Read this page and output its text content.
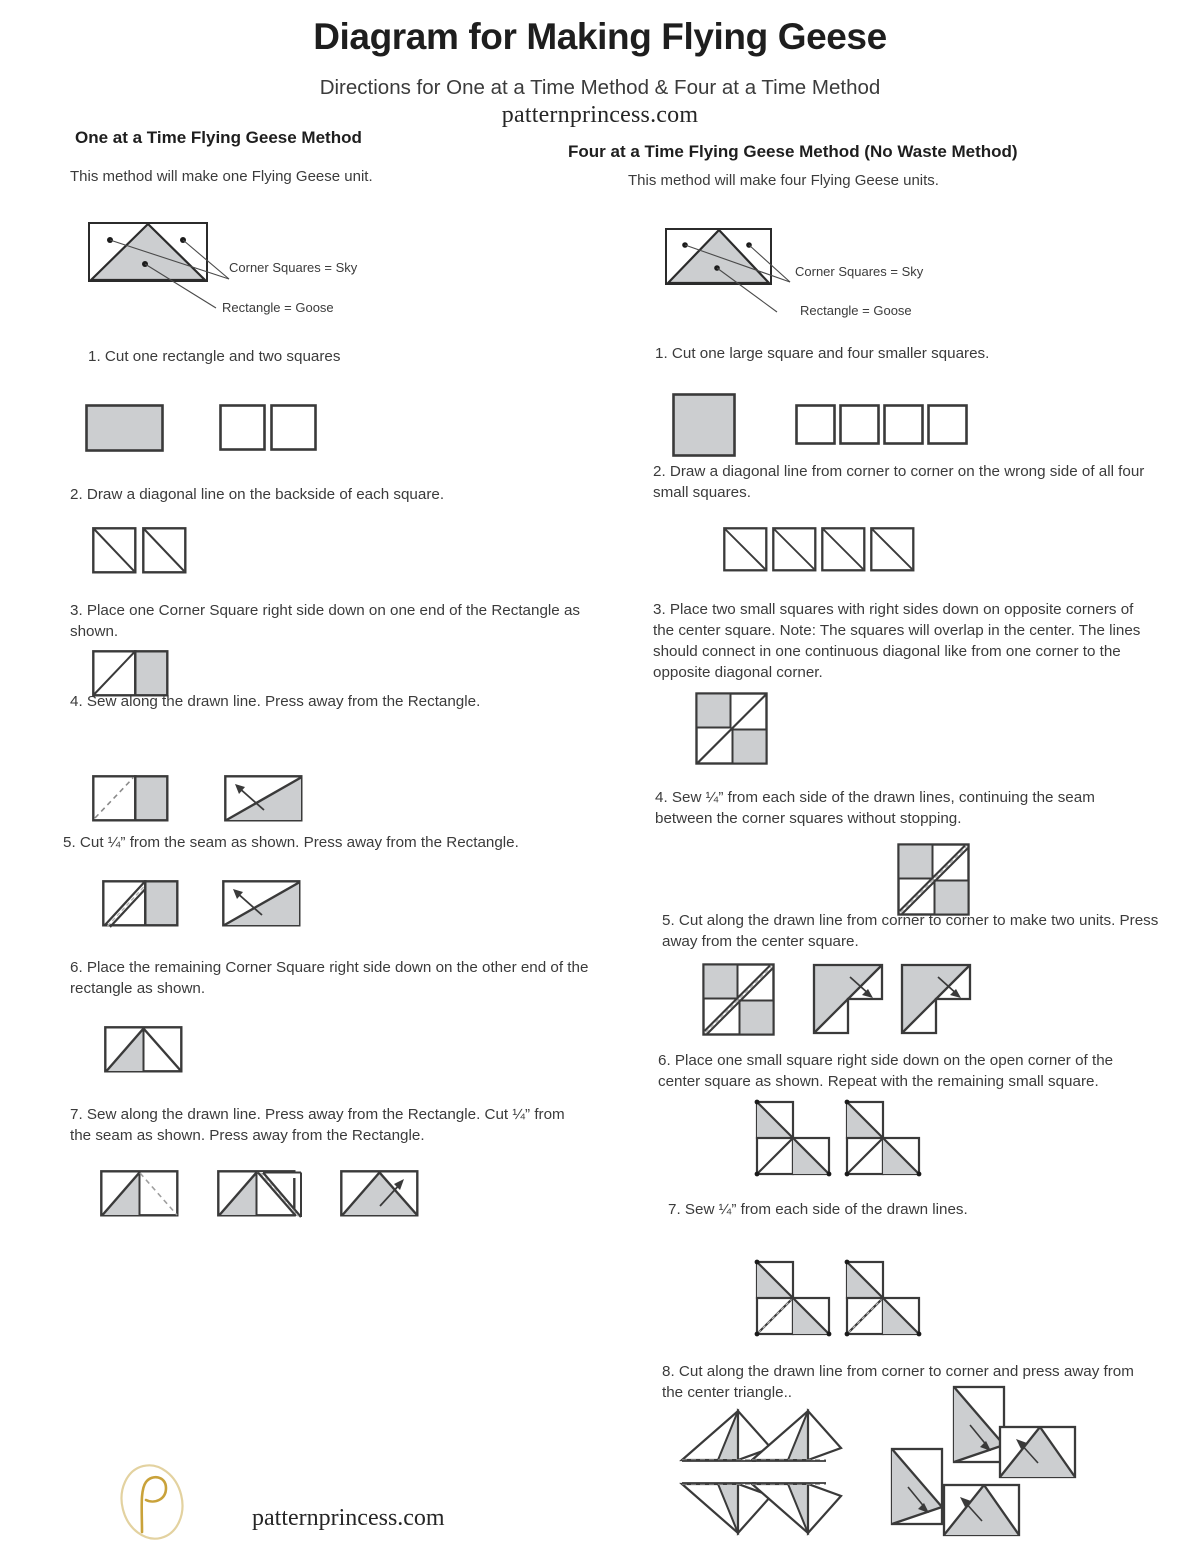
Diagram for Making Flying Geese
Directions for One at a Time Method & Four at a Time Method
patternprincess.com
One at a Time Flying Geese Method
This method will make one Flying Geese unit.
Corner Squares = Sky
Rectangle = Goose
1. Cut one rectangle and two squares
2. Draw a diagonal line on the backside of each square.
3. Place one Corner Square right side down on one end of the Rectangle as shown.
4. Sew along the drawn line. Press away from the Rectangle.
5. Cut ¼” from the seam as shown. Press away from the Rectangle.
6. Place the remaining Corner Square right side down on the other end of the rectangle as shown.
7. Sew along the drawn line. Press away from the Rectangle. Cut ¼” from the seam as shown. Press away from the Rectangle.
Four at a Time Flying Geese Method (No Waste Method)
This method will make four Flying Geese units.
Corner Squares = Sky
Rectangle = Goose
1. Cut one large square and four smaller squares.
2. Draw a diagonal line from corner to corner on the wrong side of all four small squares.
3. Place two small squares with right sides down on opposite corners of the center square. Note: The squares will overlap in the center. The lines should connect in one continuous diagonal like from one corner to the opposite diagonal corner.
4. Sew ¼” from each side of the drawn lines, continuing the seam between the corner squares without stopping.
5. Cut along the drawn line from corner to corner to make two units. Press away from the center square.
6. Place one small square right side down on the open corner of the center square as shown. Repeat with the remaining small square.
7. Sew ¼” from each side of the drawn lines.
8. Cut along the drawn line from corner to corner and press away from the center triangle..
patternprincess.com
